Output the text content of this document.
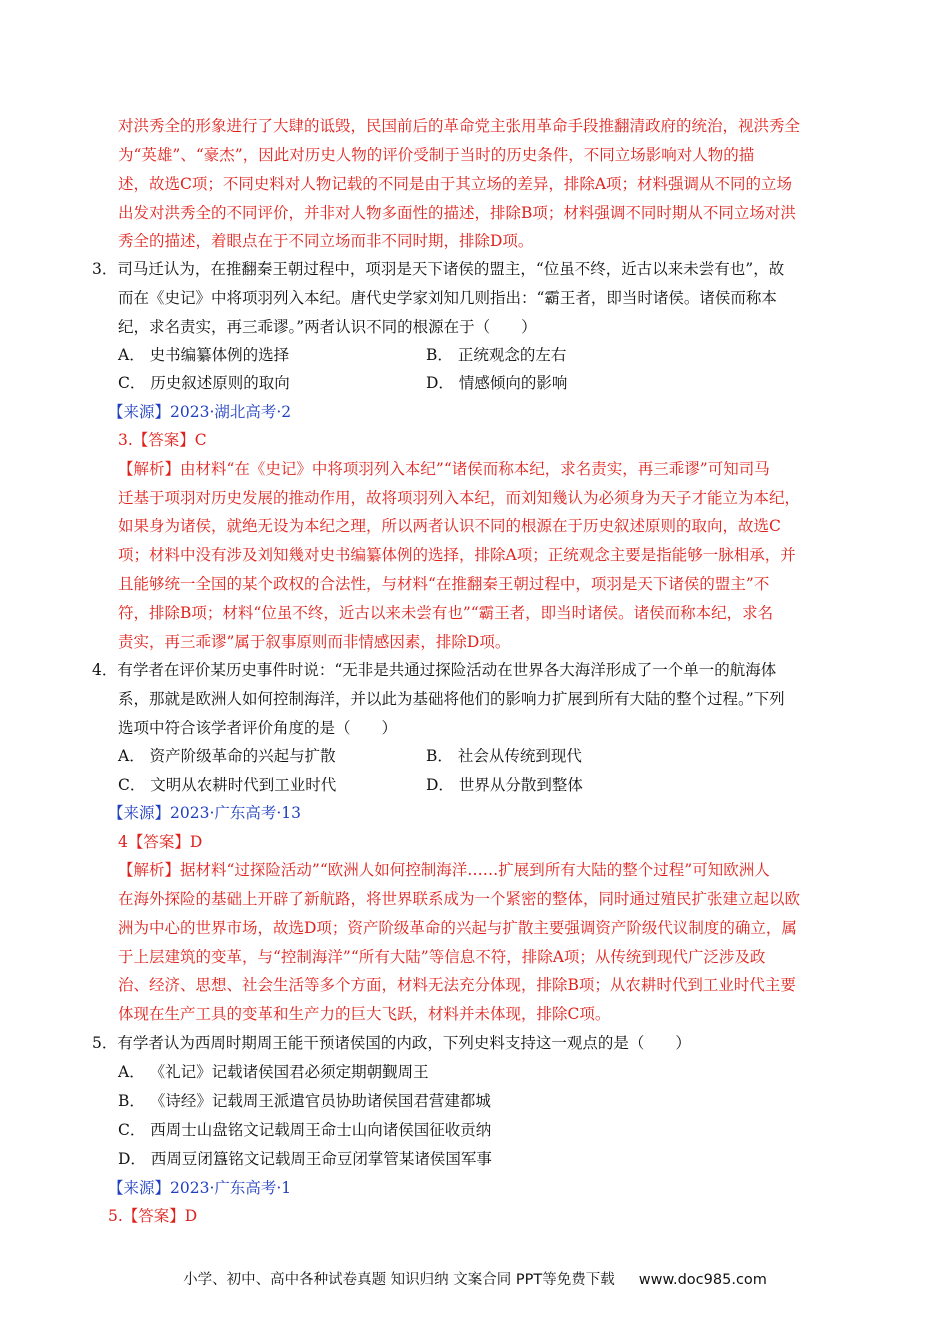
对洪秀全的形象进行了大肆的诋毁，民国前后的革命党主张用革命手段推翻清政府的统治，视洪秀全
为“英雄”、“豪杰”，因此对历史人物的评价受制于当时的历史条件，不同立场影响对人物的描
述，故选C项；不同史料对人物记载的不同是由于其立场的差异，排除A项；材料强调从不同的立场
出发对洪秀全的不同评价，并非对人物多面性的描述，排除B项；材料强调不同时期从不同立场对洪
秀全的描述，着眼点在于不同立场而非不同时期，排除D项。
3．司马迁认为，在推翻秦王朝过程中，项羽是天下诸侯的盟主，“位虽不终，近古以来未尝有也”，故
而在《史记》中将项羽列入本纪。唐代史学家刘知几则指出：“霸王者，即当时诸侯。诸侯而称本
纪，求名责实，再三乖谬。”两者认识不同的根源在于（　　）
A． 史书编纂体例的选择	B． 正统观念的左右
C． 历史叙述原则的取向	D． 情感倾向的影响
【来源】2023·湖北高考·2
3.【答案】C
【解析】由材料“在《史记》中将项羽列入本纪”“诸侯而称本纪，求名责实，再三乖谬”可知司马
迁基于项羽对历史发展的推动作用，故将项羽列入本纪，而刘知幾认为必须身为天子才能立为本纪，
如果身为诸侯，就绝无设为本纪之理，所以两者认识不同的根源在于历史叙述原则的取向，故选C
项；材料中没有涉及刘知幾对史书编纂体例的选择，排除A项；正统观念主要是指能够一脉相承，并
且能够统一全国的某个政权的合法性，与材料“在推翻秦王朝过程中，项羽是天下诸侯的盟主”不
符，排除B项；材料“位虽不终，近古以来未尝有也”“霸王者，即当时诸侯。诸侯而称本纪，求名
责实，再三乖谬”属于叙事原则而非情感因素，排除D项。
4．有学者在评价某历史事件时说：“无非是共通过探险活动在世界各大海洋形成了一个单一的航海体
系，那就是欧洲人如何控制海洋，并以此为基础将他们的影响力扩展到所有大陆的整个过程。”下列
选项中符合该学者评价角度的是（　　）
A． 资产阶级革命的兴起与扩散	B． 社会从传统到现代
C． 文明从农耕时代到工业时代	D． 世界从分散到整体
【来源】2023·广东高考·13
4【答案】D
【解析】据材料“过探险活动”“欧洲人如何控制海洋……扩展到所有大陆的整个过程”可知欧洲人
在海外探险的基础上开辟了新航路，将世界联系成为一个紧密的整体，同时通过殖民扩张建立起以欧
洲为中心的世界市场，故选D项；资产阶级革命的兴起与扩散主要强调资产阶级代议制度的确立，属
于上层建筑的变革，与“控制海洋”“所有大陆”等信息不符，排除A项；从传统到现代广泛涉及政
治、经济、思想、社会生活等多个方面，材料无法充分体现，排除B项；从农耕时代到工业时代主要
体现在生产工具的变革和生产力的巨大飞跃，材料并未体现，排除C项。
5．有学者认为西周时期周王能干预诸侯国的内政，下列史料支持这一观点的是（　　）
A． 《礼记》记载诸侯国君必须定期朝觐周王
B． 《诗经》记载周王派遣官员协助诸侯国君营建都城
C． 西周士山盘铭文记载周王命士山向诸侯国征收贡纳
D． 西周豆闭簋铭文记载周王命豆闭掌管某诸侯国军事
【来源】2023·广东高考·1
5.【答案】D
小学、初中、高中各种试卷真题 知识归纳 文案合同 PPT等免费下载 www.doc985.com
